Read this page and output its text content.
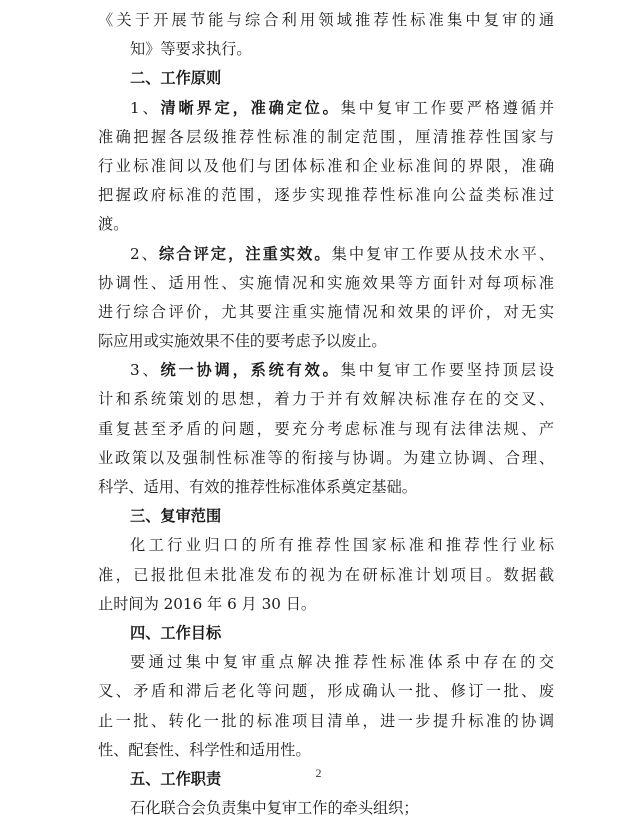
《关于开展节能与综合利用领域推荐性标准集中复审的通
知》等要求执行。
二、工作原则
1、清晰界定，准确定位。集中复审工作要严格遵循并
准确把握各层级推荐性标准的制定范围，厘清推荐性国家与
行业标准间以及他们与团体标准和企业标准间的界限，准确
把握政府标准的范围，逐步实现推荐性标准向公益类标准过
渡。
2、综合评定，注重实效。集中复审工作要从技术水平、
协调性、适用性、实施情况和实施效果等方面针对每项标准
进行综合评价，尤其要注重实施情况和效果的评价，对无实
际应用或实施效果不佳的要考虑予以废止。
3、统一协调，系统有效。集中复审工作要坚持顶层设
计和系统策划的思想，着力于并有效解决标准存在的交叉、
重复甚至矛盾的问题，要充分考虑标准与现有法律法规、产
业政策以及强制性标准等的衔接与协调。为建立协调、合理、
科学、适用、有效的推荐性标准体系奠定基础。
三、复审范围
化工行业归口的所有推荐性国家标准和推荐性行业标
准，已报批但未批准发布的视为在研标准计划项目。数据截
止时间为 2016 年 6 月 30 日。
四、工作目标
要通过集中复审重点解决推荐性标准体系中存在的交
叉、矛盾和滞后老化等问题，形成确认一批、修订一批、废
止一批、转化一批的标准项目清单，进一步提升标准的协调
性、配套性、科学性和适用性。
五、工作职责
石化联合会负责集中复审工作的牵头组织；
2
